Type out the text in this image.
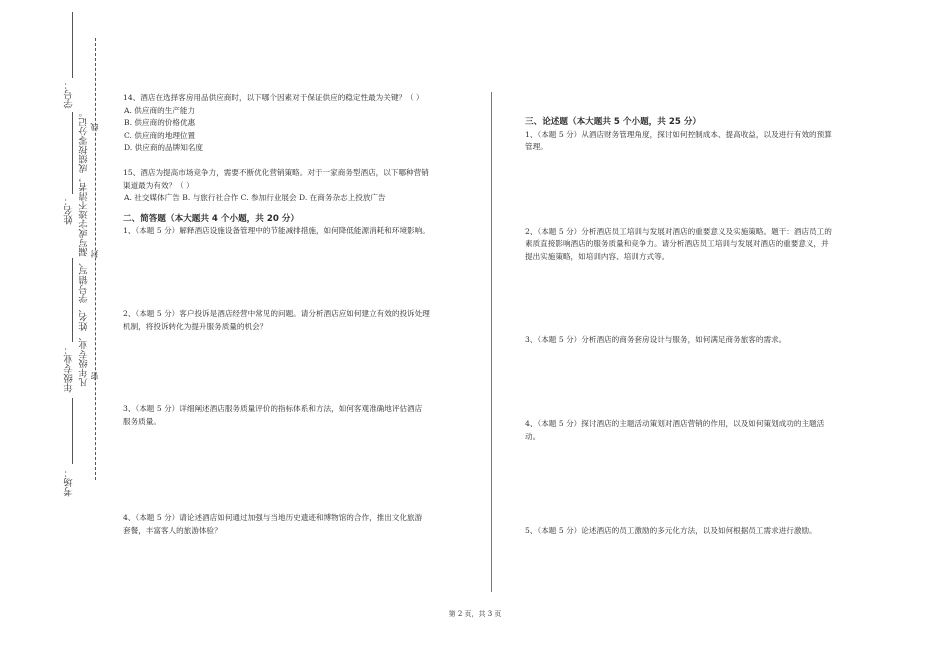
学号：
姓名：
年级专业：
考场：
凡年级专业、姓名、学号错写、漏写或字迹不清者，成绩按零分记。 密
封
线

14、酒店在选择客房用品供应商时，以下哪个因素对于保证供应的稳定性最为关键？（ ）

A. 供应商的生产能力

B. 供应商的价格优惠

C. 供应商的地理位置

D. 供应商的品牌知名度

15、酒店为提高市场竞争力，需要不断优化营销策略。对于一家商务型酒店，以下哪种营销

渠道最为有效？（ ）

A. 社交媒体广告 B. 与旅行社合作 C. 参加行业展会 D. 在商务杂志上投放广告

二、简答题（本大题共 4 个小题，共 20 分）

1、（本题 5 分）解释酒店设施设备管理中的节能减排措施，如何降低能源消耗和环境影响。

2、（本题 5 分）客户投诉是酒店经营中常见的问题。请分析酒店应如何建立有效的投诉处理

机制，将投诉转化为提升服务质量的机会？

3、（本题 5 分）详细阐述酒店服务质量评价的指标体系和方法，如何客观准确地评估酒店

服务质量。

4、（本题 5 分）请论述酒店如何通过加强与当地历史遗迹和博物馆的合作，推出文化旅游

套餐，丰富客人的旅游体验？

三、论述题（本大题共 5 个小题，共 25 分）

1、（本题 5 分）从酒店财务管理角度，探讨如何控制成本、提高收益，以及进行有效的预算

管理。

2、（本题 5 分）分析酒店员工培训与发展对酒店的重要意义及实施策略。题干：酒店员工的

素质直接影响酒店的服务质量和竞争力。请分析酒店员工培训与发展对酒店的重要意义，并

提出实施策略，如培训内容、培训方式等。

3、（本题 5 分）分析酒店的商务套房设计与服务，如何满足商务旅客的需求。

4、（本题 5 分）探讨酒店的主题活动策划对酒店营销的作用，以及如何策划成功的主题活

动。

5、（本题 5 分）论述酒店的员工激励的多元化方法，以及如何根据员工需求进行激励。

第 2 页，共 3 页
